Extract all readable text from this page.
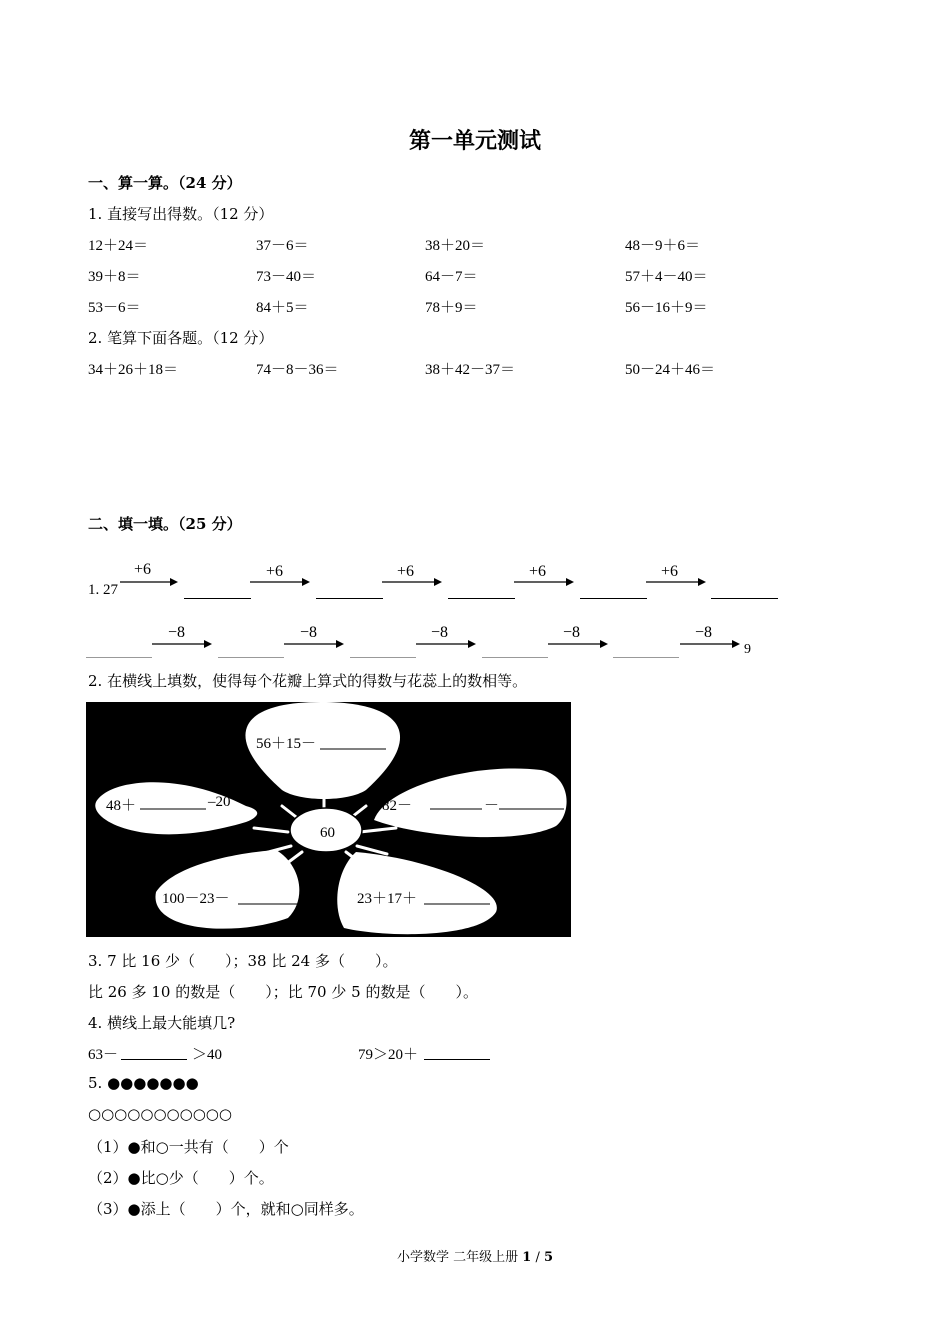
第一单元测试
一、算一算。（24 分）
1. 直接写出得数。（12 分）
12＋24＝	37－6＝	38＋20＝	48－9＋6＝
39＋8＝	73－40＝	64－7＝	57＋4－40＝
53－6＝	84＋5＝	78＋9＝	56－16＋9＝
2. 笔算下面各题。（12 分）
34＋26＋18＝	74－8－36＝	38＋42－37＝	50－24＋46＝
二、填一填。（25 分）
1. 27
+6	+6	+6	+6	+6
−8	−8	−8	−8	−8
9
2. 在横线上填数，使得每个花瓣上算式的得数与花蕊上的数相等。
56＋15－
48＋	–20	82－	－
60
100－23－	23＋17＋
3. 7 比 16 少（　　）；38 比 24 多（　　）。
比 26 多 10 的数是（　　）；比 70 少 5 的数是（　　）。
4. 横线上最大能填几?
63－	＞40	79＞20＋
5. ●●●●●●●
○○○○○○○○○○○
（1）●和○一共有（　　）个
（2）●比○少（　　）个。
（3）●添上（　　）个，就和○同样多。
小学数学 二年级上册 1 / 5
